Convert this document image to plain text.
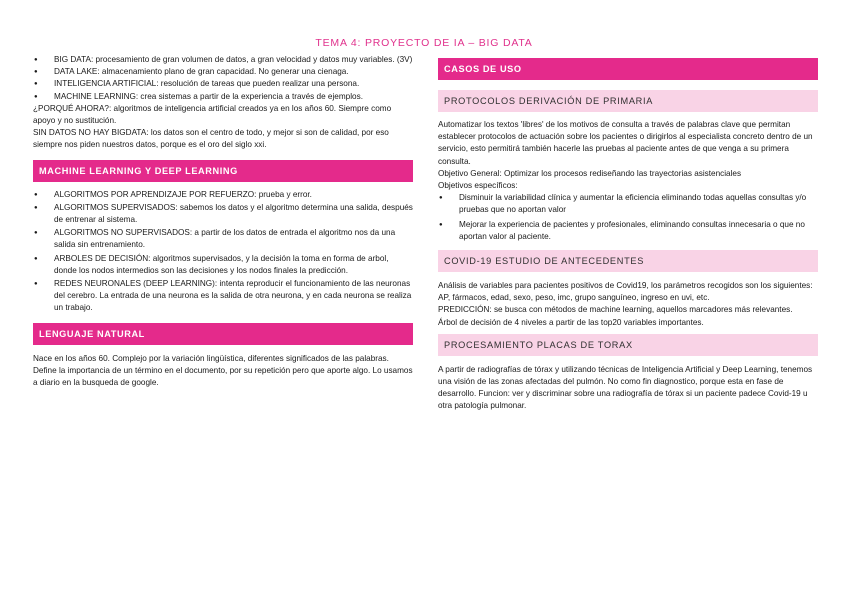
TEMA 4: PROYECTO DE IA – BIG DATA
● BIG DATA: procesamiento de gran volumen de datos, a gran velocidad y datos muy variables. (3V)
● DATA LAKE: almacenamiento plano de gran capacidad. No generar una cienaga.
● INTELIGENCIA ARTIFICIAL: resolución de tareas que pueden realizar una persona.
● MACHINE LEARNING: crea sistemas a partir de la experiencia a través de ejemplos.

¿PORQUÉ AHORA?: algoritmos de inteligencia artificial creados ya en los años 60. Siempre como apoyo y no sustitución.

SIN DATOS NO HAY BIGDATA: los datos son el centro de todo, y mejor si son de calidad, por eso siempre nos piden nuestros datos, porque es el oro del siglo xxi.

MACHINE LEARNING Y DEEP LEARNING
● ALGORITMOS POR APRENDIZAJE POR REFUERZO: prueba y error.
● ALGORITMOS SUPERVISADOS: sabemos los datos y el algoritmo determina una salida, después de entrenar al sistema.
● ALGORITMOS NO SUPERVISADOS: a partir de los datos de entrada el algoritmo nos da una salida sin entrenamiento.
● ARBOLES DE DECISIÓN: algoritmos supervisados, y la decisión la toma en forma de arbol, donde los nodos intermedios son las decisiones y los nodos finales la predicción.
● REDES NEURONALES (DEEP LEARNING): intenta reproducir el funcionamiento de las neuronas del cerebro. La entrada de una neurona es la salida de otra neurona, y en cada neurona se realiza un trabajo.
LENGUAJE NATURAL

Nace en los años 60. Complejo por la variación lingüística, diferentes significados de las palabras. Define la importancia de un término en el documento, por su repetición pero que aporte algo. Lo usamos a diario en la busqueda de google.

CASOS DE USO
PROTOCOLOS DERIVACIÓN DE PRIMARIA

Automatizar los textos 'libres' de los motivos de consulta a través de palabras clave que permitan establecer protocolos de actuación sobre los pacientes o dirigirlos al especialista concreto dentro de un servicio, esto permitirá también hacerle las pruebas al paciente antes de que venga a su primera consulta.

Objetivo General: Optimizar los procesos rediseñando las trayectorias asistenciales

Objetivos específicos:

● Disminuir la variabilidad clínica y aumentar la eficiencia eliminando todas aquellas consultas y/o pruebas que no aportan valor
● Mejorar la experiencia de pacientes y profesionales, eliminando consultas innecesaria o que no aportan valor al paciente.
COVID-19 ESTUDIO DE ANTECEDENTES

Análisis de variables para pacientes positivos de Covid19, los parámetros recogidos son los siguientes: AP, fármacos, edad, sexo, peso, imc, grupo sanguíneo, ingreso en uvi, etc.

PREDICCIÓN: se busca con métodos de machine learning, aquellos marcadores más relevantes.

Árbol de decisión de 4 niveles a partir de las top20 variables importantes.

PROCESAMIENTO PLACAS DE TORAX

A partir de radiografías de tórax y utilizando técnicas de Inteligencia Artificial y Deep Learning, tenemos una visión de las zonas afectadas del pulmón. No como fin diagnostico, porque esta en fase de desarrollo. Funcion: ver y discriminar sobre una radiografía de tórax si un paciente padece Covid-19 u otra patología pulmonar.
